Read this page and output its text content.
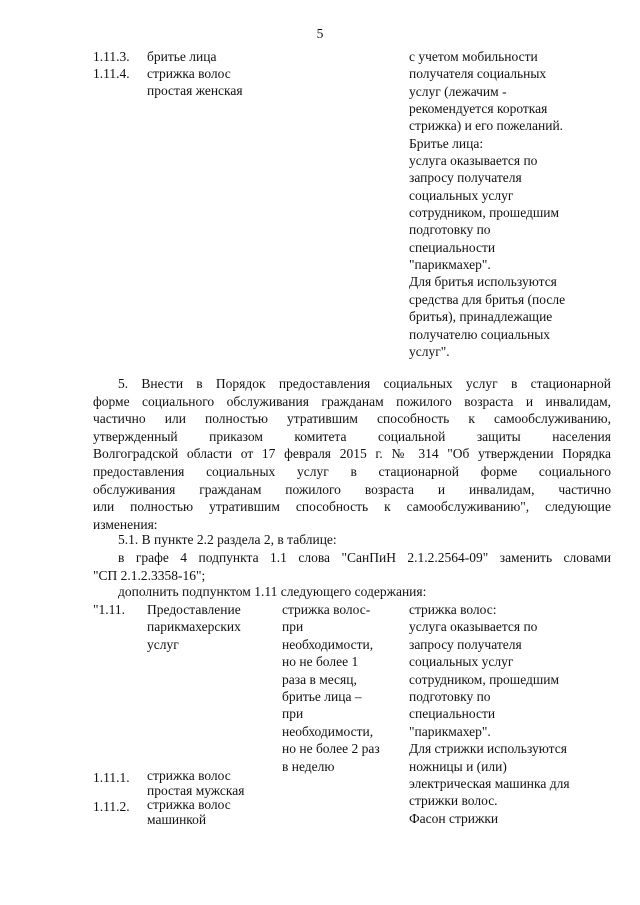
5
1.11.3. бритье лица
1.11.4. стрижка волос
простая женская
с учетом мобильности
получателя социальных
услуг (лежачим -
рекомендуется короткая
стрижка) и его пожеланий.
Бритье лица:
услуга оказывается по
запросу получателя
социальных услуг
сотрудником, прошедшим
подготовку по
специальности
"парикмахер".
Для бритья используются
средства для бритья (после
бритья), принадлежащие
получателю социальных
услуг".
5. Внести в Порядок предоставления социальных услуг в стационарной
форме социального обслуживания гражданам пожилого возраста и инвалидам,
частично или полностью утратившим способность к самообслуживанию,
утвержденный приказом комитета социальной защиты населения
Волгоградской области от 17 февраля 2015 г. № 314 "Об утверждении Порядка
предоставления социальных услуг в стационарной форме социального
обслуживания гражданам пожилого возраста и инвалидам, частично
или полностью утратившим способность к самообслуживанию", следующие
изменения:
5.1. В пункте 2.2 раздела 2, в таблице:
в графе 4 подпункта 1.1 слова "СанПиН 2.1.2.2564-09" заменить словами
"СП 2.1.2.3358-16";
дополнить подпунктом 1.11 следующего содержания:
"1.11. Предоставление
парикмахерских
услуг
стрижка волос-
при
необходимости,
но не более 1
раза в месяц,
бритье лица –
при
необходимости,
но не более 2 раз
в неделю
стрижка волос:
услуга оказывается по
запросу получателя
социальных услуг
сотрудником, прошедшим
подготовку по
специальности
"парикмахер".
Для стрижки используются
ножницы и (или)
электрическая машинка для
стрижки волос.
Фасон стрижки
1.11.1. стрижка волос
простая мужская
1.11.2. стрижка волос
машинкой
